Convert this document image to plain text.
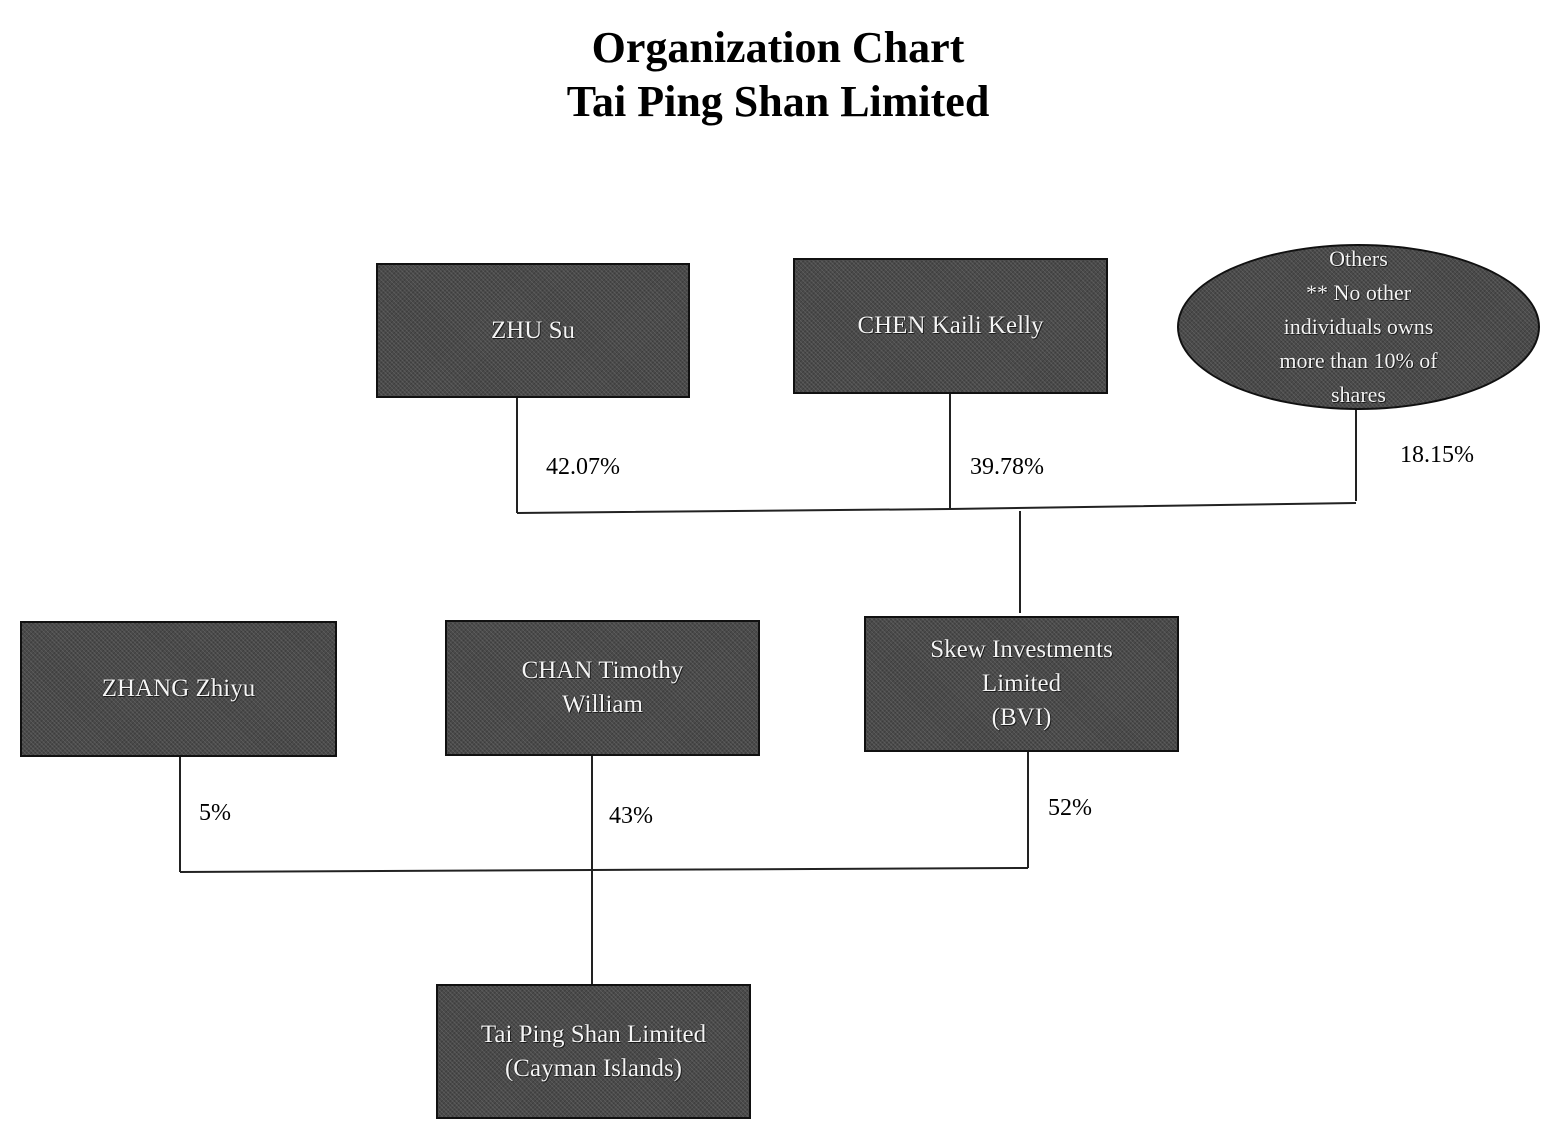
Organization Chart
Tai Ping Shan Limited
ZHU Su	CHEN Kaili Kelly
Others
** No other
individuals owns
more than 10% of
shares
ZHANG Zhiyu
CHAN Timothy
William
Skew Investments
Limited
(BVI)
Tai Ping Shan Limited
(Cayman Islands)
42.07%	39.78%	18.15%
5%	43%	52%
